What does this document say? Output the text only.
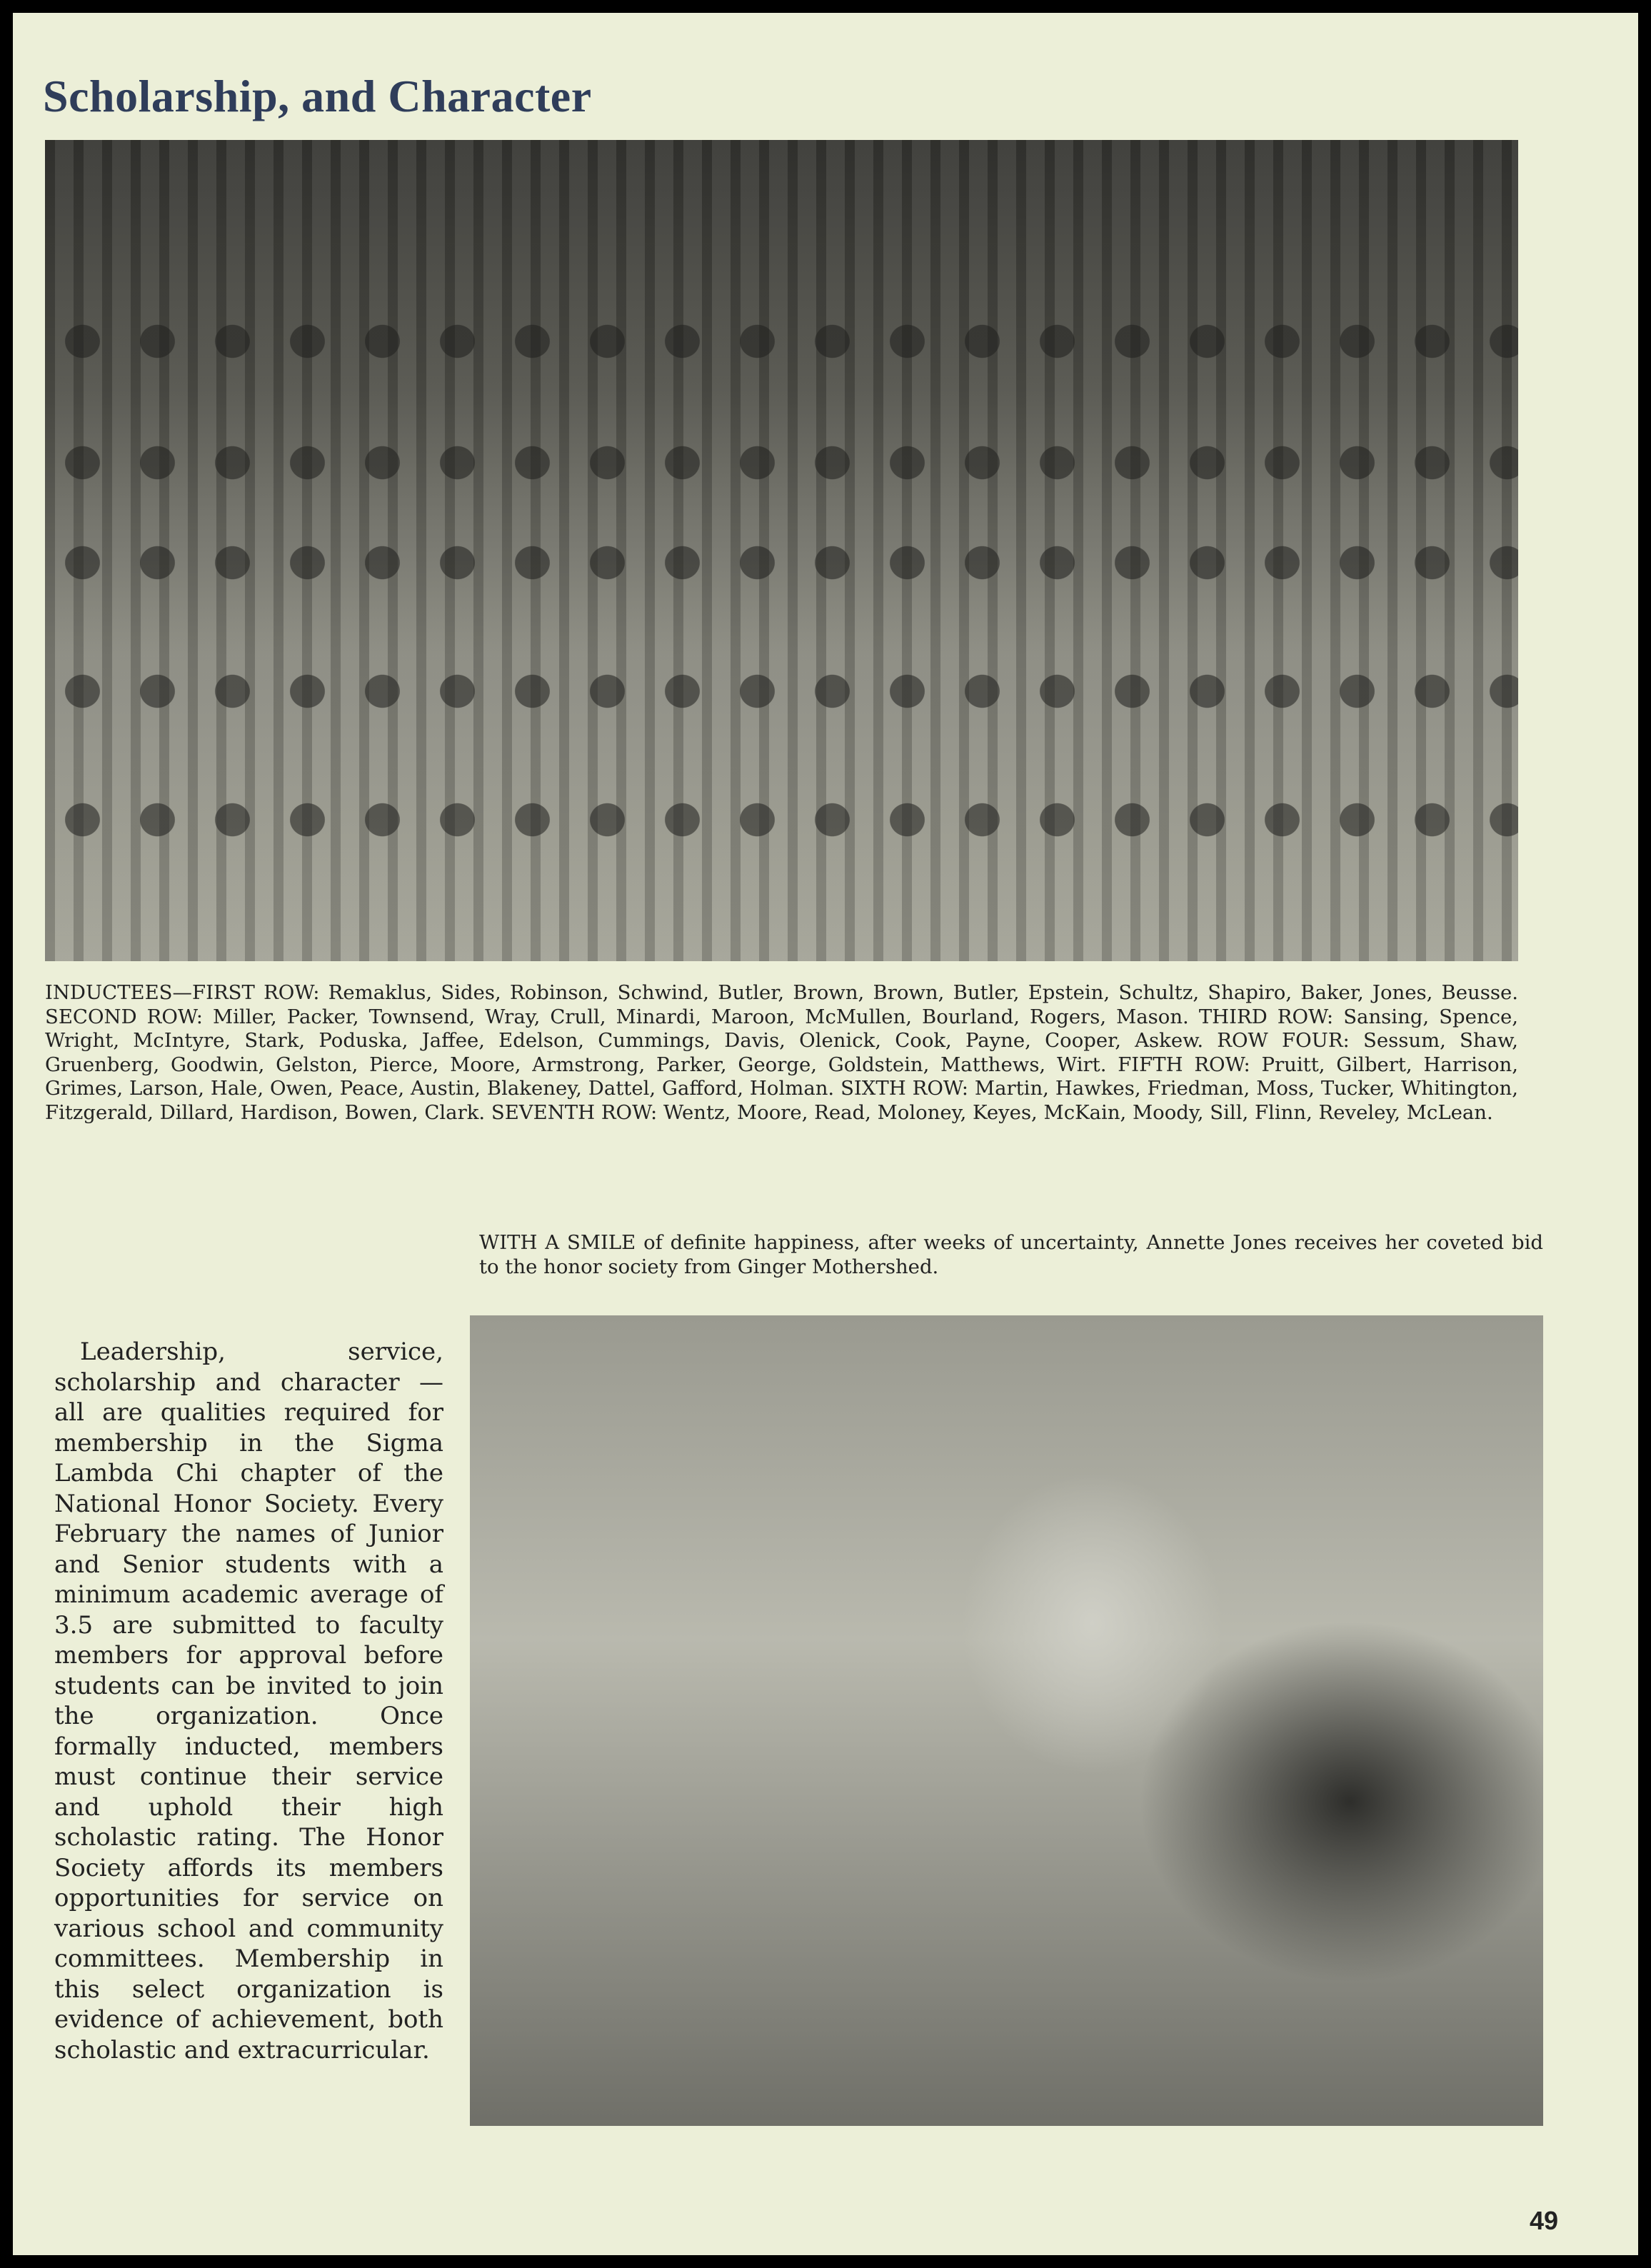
Scholarship, and Character

INDUCTEES—FIRST ROW: Remaklus, Sides, Robinson, Schwind, Butler, Brown, Brown, Butler, Epstein, Schultz, Shapiro, Baker, Jones, Beusse. SECOND ROW: Miller, Packer, Townsend, Wray, Crull, Minardi, Maroon, McMullen, Bourland, Rogers, Mason. THIRD ROW: Sansing, Spence, Wright, McIntyre, Stark, Poduska, Jaffee, Edelson, Cummings, Davis, Olenick, Cook, Payne, Cooper, Askew. ROW FOUR: Sessum, Shaw, Gruenberg, Goodwin, Gelston, Pierce, Moore, Armstrong, Parker, George, Goldstein, Matthews, Wirt. FIFTH ROW: Pruitt, Gilbert, Harrison, Grimes, Larson, Hale, Owen, Peace, Austin, Blakeney, Dattel, Gafford, Holman. SIXTH ROW: Martin, Hawkes, Friedman, Moss, Tucker, Whitington, Fitzgerald, Dillard, Hardison, Bowen, Clark. SEVENTH ROW: Wentz, Moore, Read, Moloney, Keyes, McKain, Moody, Sill, Flinn, Reveley, McLean.

WITH A SMILE of definite happiness, after weeks of uncertainty, Annette Jones receives her coveted bid to the honor society from Ginger Mothershed.

Leadership, service, scholarship and character — all are qualities required for membership in the Sigma Lambda Chi chapter of the National Honor Society. Every February the names of Junior and Senior students with a minimum academic average of 3.5 are submitted to faculty members for approval before students can be invited to join the organization. Once formally inducted, members must continue their service and uphold their high scholastic rating. The Honor Society affords its members opportunities for service on various school and community committees. Membership in this select organization is evidence of achievement, both scholastic and extracurricular.

49
